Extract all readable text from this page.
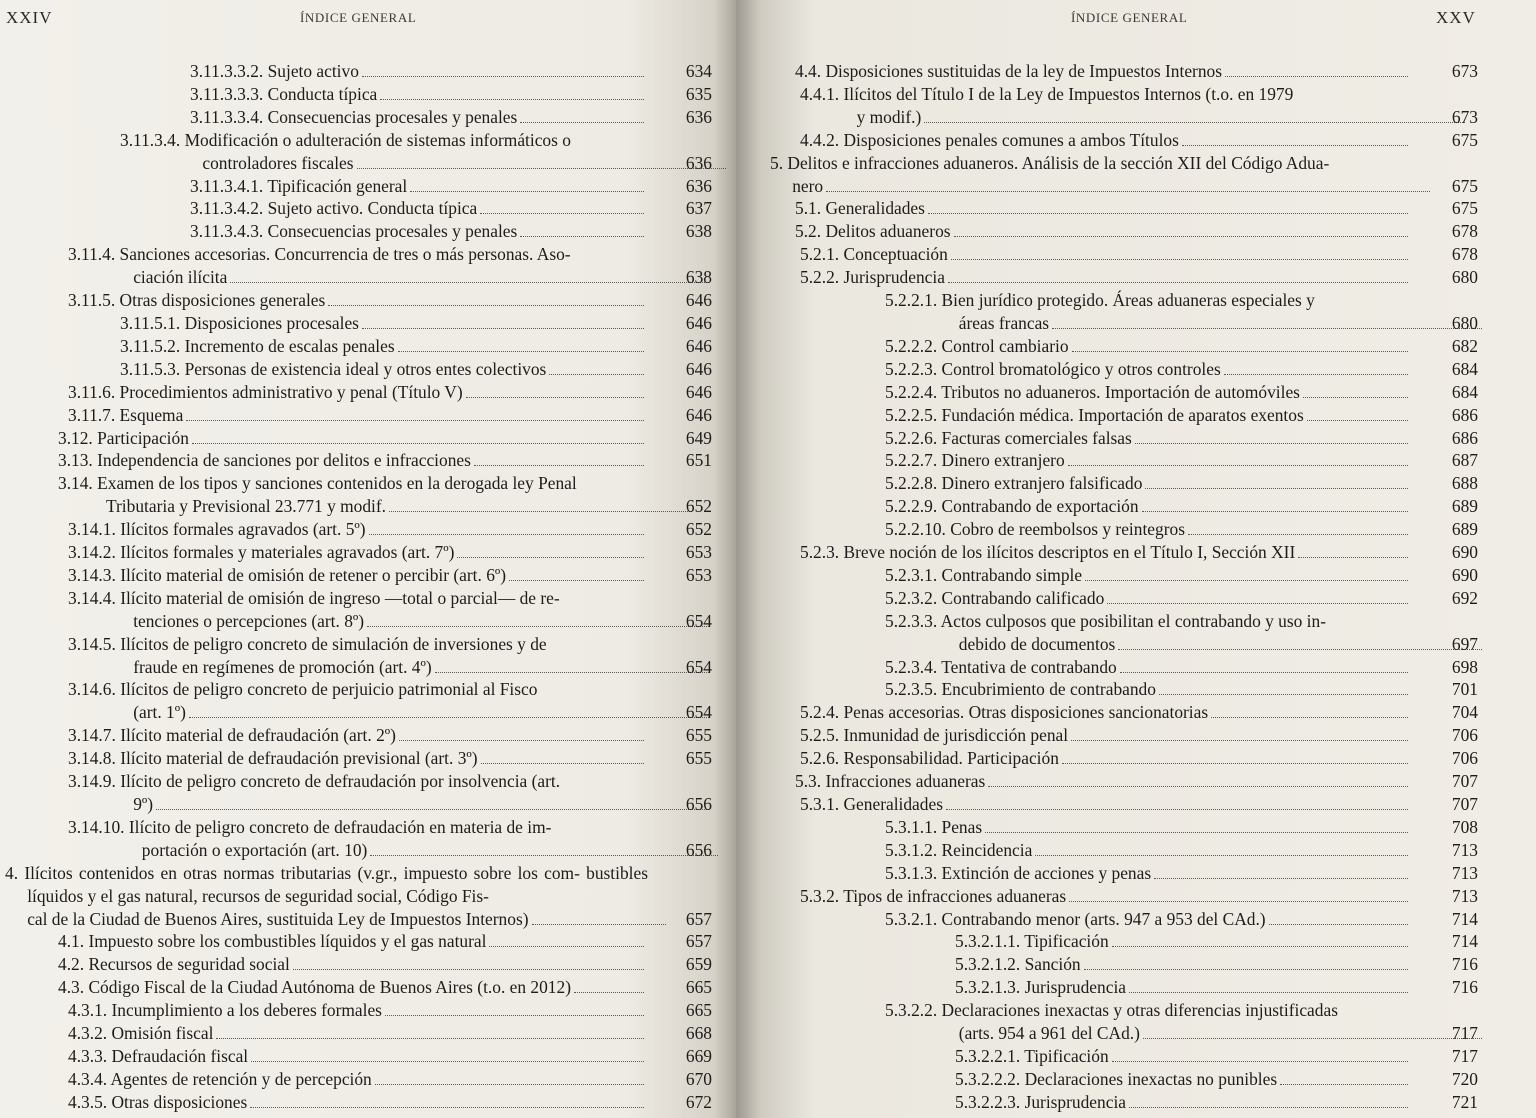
XXIV	ÍNDICE GENERAL
3.11.3.3.2. Sujeto activo	634
3.11.3.3.3. Conducta típica	635
3.11.3.3.4. Consecuencias procesales y penales	636
3.11.3.4. Modificación o adulteración de sistemas informáticos o
controladores fiscales	636
3.11.3.4.1. Tipificación general	636
3.11.3.4.2. Sujeto activo. Conducta típica	637
3.11.3.4.3. Consecuencias procesales y penales	638
3.11.4. Sanciones accesorias. Concurrencia de tres o más personas. Aso-
ciación ilícita	638
3.11.5. Otras disposiciones generales	646
3.11.5.1. Disposiciones procesales	646
3.11.5.2. Incremento de escalas penales	646
3.11.5.3. Personas de existencia ideal y otros entes colectivos	646
3.11.6. Procedimientos administrativo y penal (Título V)	646
3.11.7. Esquema	646
3.12. Participación	649
3.13. Independencia de sanciones por delitos e infracciones	651
3.14. Examen de los tipos y sanciones contenidos en la derogada ley Penal
Tributaria y Previsional 23.771 y modif.	652
3.14.1. Ilícitos formales agravados (art. 5º)	652
3.14.2. Ilícitos formales y materiales agravados (art. 7º)	653
3.14.3. Ilícito material de omisión de retener o percibir (art. 6º)	653
3.14.4. Ilícito material de omisión de ingreso —total o parcial— de re-
tenciones o percepciones (art. 8º)	654
3.14.5. Ilícitos de peligro concreto de simulación de inversiones y de
fraude en regímenes de promoción (art. 4º)	654
3.14.6. Ilícitos de peligro concreto de perjuicio patrimonial al Fisco
(art. 1º)	654
3.14.7. Ilícito material de defraudación (art. 2º)	655
3.14.8. Ilícito material de defraudación previsional (art. 3º)	655
3.14.9. Ilícito de peligro concreto de defraudación por insolvencia (art.
9º)	656
3.14.10. Ilícito de peligro concreto de defraudación en materia de im-
portación o exportación (art. 10)	656
4. Ilícitos contenidos en otras normas tributarias (v.gr., impuesto sobre los com- bustibles líquidos y el gas natural, recursos de seguridad social, Código Fis-
cal de la Ciudad de Buenos Aires, sustituida Ley de Impuestos Internos)	657
4.1. Impuesto sobre los combustibles líquidos y el gas natural	657
4.2. Recursos de seguridad social	659
4.3. Código Fiscal de la Ciudad Autónoma de Buenos Aires (t.o. en 2012)	665
4.3.1. Incumplimiento a los deberes formales	665
4.3.2. Omisión fiscal	668
4.3.3. Defraudación fiscal	669
4.3.4. Agentes de retención y de percepción	670
4.3.5. Otras disposiciones	672
ÍNDICE GENERAL	XXV
4.4. Disposiciones sustituidas de la ley de Impuestos Internos	673
4.4.1. Ilícitos del Título I de la Ley de Impuestos Internos (t.o. en 1979
y modif.)	673
4.4.2. Disposiciones penales comunes a ambos Títulos	675
5. Delitos e infracciones aduaneros. Análisis de la sección XII del Código Adua-
nero	675
5.1. Generalidades	675
5.2. Delitos aduaneros	678
5.2.1. Conceptuación	678
5.2.2. Jurisprudencia	680
5.2.2.1. Bien jurídico protegido. Áreas aduaneras especiales y
áreas francas	680
5.2.2.2. Control cambiario	682
5.2.2.3. Control bromatológico y otros controles	684
5.2.2.4. Tributos no aduaneros. Importación de automóviles	684
5.2.2.5. Fundación médica. Importación de aparatos exentos	686
5.2.2.6. Facturas comerciales falsas	686
5.2.2.7. Dinero extranjero	687
5.2.2.8. Dinero extranjero falsificado	688
5.2.2.9. Contrabando de exportación	689
5.2.2.10. Cobro de reembolsos y reintegros	689
5.2.3. Breve noción de los ilícitos descriptos en el Título I, Sección XII	690
5.2.3.1. Contrabando simple	690
5.2.3.2. Contrabando calificado	692
5.2.3.3. Actos culposos que posibilitan el contrabando y uso in-
debido de documentos	697
5.2.3.4. Tentativa de contrabando	698
5.2.3.5. Encubrimiento de contrabando	701
5.2.4. Penas accesorias. Otras disposiciones sancionatorias	704
5.2.5. Inmunidad de jurisdicción penal	706
5.2.6. Responsabilidad. Participación	706
5.3. Infracciones aduaneras	707
5.3.1. Generalidades	707
5.3.1.1. Penas	708
5.3.1.2. Reincidencia	713
5.3.1.3. Extinción de acciones y penas	713
5.3.2. Tipos de infracciones aduaneras	713
5.3.2.1. Contrabando menor (arts. 947 a 953 del CAd.)	714
5.3.2.1.1. Tipificación	714
5.3.2.1.2. Sanción	716
5.3.2.1.3. Jurisprudencia	716
5.3.2.2. Declaraciones inexactas y otras diferencias injustificadas
(arts. 954 a 961 del CAd.)	717
5.3.2.2.1. Tipificación	717
5.3.2.2.2. Declaraciones inexactas no punibles	720
5.3.2.2.3. Jurisprudencia	721
